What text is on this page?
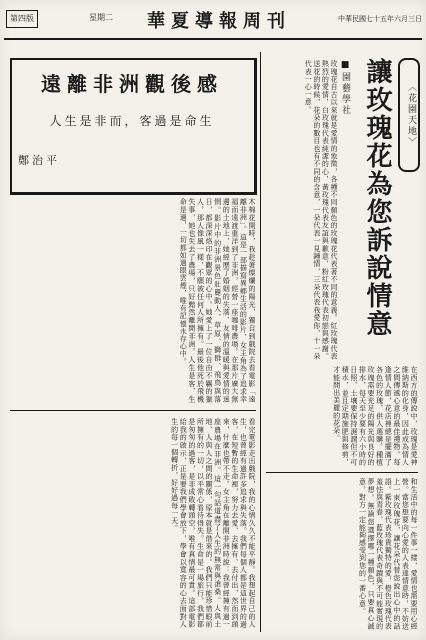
第四版	星期二	華夏導報周刊	中華民國七十五年六月三日
遠離非洲觀後感
人生是非而，客過是命生
鄭治平
木棉花開時，我趁著燦爛的陽光，獨自到戲院去看電影「遠離非洲」。這是一部描寫異鄉生活的影片，女主角為了追求幸福而遠渡重洋到了非洲，經營一座咖啡農場。在那片廣大無邊的土地上，她經歷了婚姻的失落、友情的溫暖與愛情的迷惘。影片中的非洲景色壯麗動人，草原、獅群、飛鳥與落日，都深深烙印在觀眾的心中。她愛上了一位自由不羈的獵人，那人像風一樣，不願被任何人所擁有。最後他死於飛機失事，她也失去了農場，只好黯然離開非洲。人生是客，生命是過，一切都如過眼雲煙，唯有記憶永存心中。
看完電影走出戲院，我的心情久久不能平靜。我想起自己的人生，也曾經有過許多追求與失落。我們每個人都是這世界的過客，在短暫的生命裡，努力去愛、去擁有、去付出，然而到頭來，什麼也帶不走。女主角在離開非洲時說：我曾經擁有過一座農場在非洲。這一句話道盡了人生的無常與滄桑。人與土地、人與人之間的關係，原本就是借來的。我們只能珍惜眼前所擁有的一切，以平常心看待得失。生命是一場旅行，我們都是匆匆的過客，是非成敗轉頭空，唯有真情最可貴。這部電影給我的啟示，正是要我們學會放下，學會以寬容的心去面對人生的每一個轉折，好好過每一天。
〈花園天地〉
讓玫瑰花為您訴說情意
■園藝學社
玫瑰花自古以來就是愛情的象徵，各種不同顏色的玫瑰花代表著不同的意義。紅玫瑰代表熱烈的愛情，白玫瑰代表純潔的心，黃玫瑰代表友誼與歉意，粉紅玫瑰代表初戀與感謝。送花的時候，花朵的數目也有不同的含意，一朵代表一見鍾情，三朵代表我愛你，十一朵代表一心一意。
在西方的傳說中，玫瑰是愛神維納斯的化身，因此成為情人之間傳遞心意的最佳禮物。每逢情人節，花店裡總是擺滿了各色的玫瑰，供人選購。種植玫瑰需要充足的陽光與良好的排水，每天至少要有六小時的日照，土壤要保持濕潤但不可積水，並且定期施肥與修剪，才能開出美麗的花朵。
和生活中的每一件事一樣，愛情也需要用心經營。當您想要向心愛的人表達情意時，不妨送上一束玫瑰花，讓花朵代替您說出心中的話語。紫玫瑰代表珍貴獨特的愛，橙色玫瑰代表羞怯與青春，藍玫瑰代表奇蹟與不可能實現的夢想。無論您選擇哪一種顏色，只要真心誠意，對方一定能夠感受到您的一番心意。
